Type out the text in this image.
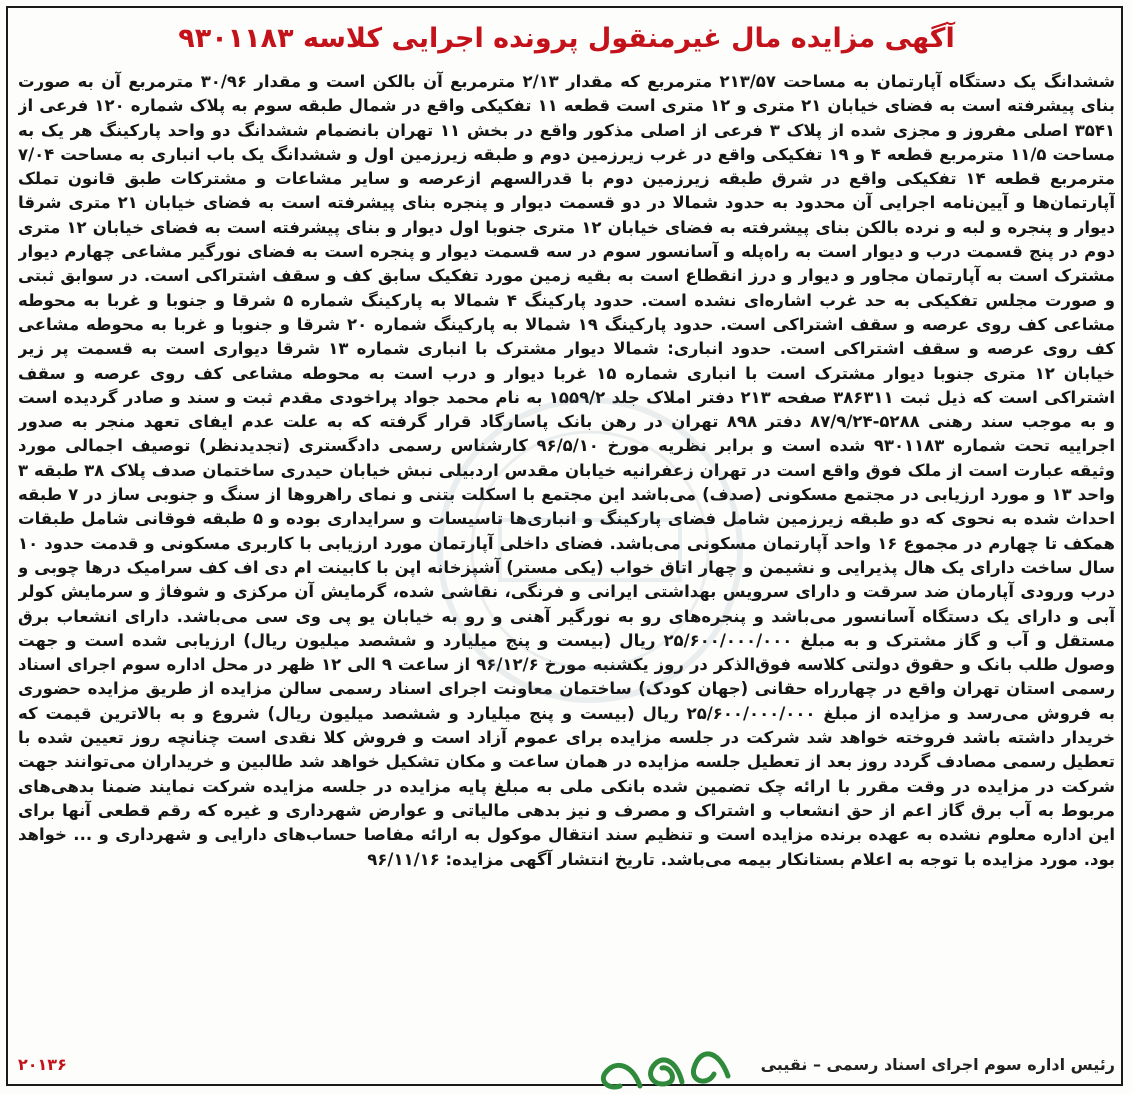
آگهی مزایده مال غیرمنقول پرونده اجرایی کلاسه ۹۳۰۱۱۸۳
ششدانگ یک دستگاه آپارتمان به مساحت ۲۱۳/۵۷ مترمربع که مقدار ۲/۱۳ مترمربع آن بالکن است و مقدار ۳۰/۹۶ مترمربع آن به صورت بنای پیشرفته است به فضای خیابان ۲۱ متری و ۱۲ متری است قطعه ۱۱ تفکیکی واقع در شمال طبقه سوم به پلاک شماره ۱۲۰ فرعی از ۳۵۴۱ اصلی مفروز و مجزی شده از پلاک ۳ فرعی از اصلی مذکور واقع در بخش ۱۱ تهران بانضمام ششدانگ دو واحد پارکینگ هر یک به مساحت ۱۱/۵ مترمربع قطعه ۴ و ۱۹ تفکیکی واقع در غرب زیرزمین دوم و طبقه زیرزمین اول و ششدانگ یک باب انباری به مساحت ۷/۰۴ مترمربع قطعه ۱۴ تفکیکی واقع در شرق طبقه زیرزمین دوم با قدرالسهم ازعرصه و سایر مشاعات و مشترکات طبق قانون تملک آپارتمان‌ها و آیین‌نامه اجرایی آن محدود به حدود شمالا در دو قسمت دیوار و پنجره بنای پیشرفته است به فضای خیابان ۲۱ متری شرقا دیوار و پنجره و لبه و نرده بالکن بنای پیشرفته به فضای خیابان ۱۲ متری جنوبا اول دیوار و بنای پیشرفته است به فضای خیابان ۱۲ متری دوم در پنج قسمت درب و دیوار است به راه‌پله و آسانسور سوم در سه قسمت دیوار و پنجره است به فضای نورگیر مشاعی چهارم دیوار مشترک است به آپارتمان مجاور و دیوار و درز انقطاع است به بقیه زمین مورد تفکیک سابق کف و سقف اشتراکی است. در سوابق ثبتی و صورت مجلس تفکیکی به حد غرب اشاره‌ای نشده است. حدود پارکینگ ۴ شمالا به پارکینگ شماره ۵ شرقا و جنوبا و غربا به محوطه مشاعی کف روی عرصه و سقف اشتراکی است. حدود پارکینگ ۱۹ شمالا به پارکینگ شماره ۲۰ شرقا و جنوبا و غربا به محوطه مشاعی کف روی عرصه و سقف اشتراکی است. حدود انباری: شمالا دیوار مشترک با انباری شماره ۱۳ شرقا دیواری است به قسمت پر زیر خیابان ۱۲ متری جنوبا دیوار مشترک است با انباری شماره ۱۵ غربا دیوار و درب است به محوطه مشاعی کف روی عرصه و سقف اشتراکی است که ذیل ثبت ۳۸۶۳۱۱ صفحه ۲۱۳ دفتر املاک جلد ۱۵۵۹/۲ به نام محمد جواد پراخودی مقدم ثبت و سند و صادر گردیده است و به موجب سند رهنی ۵۲۸۸-۸۷/۹/۲۴ دفتر ۸۹۸ تهران در رهن بانک پاسارگاد قرار گرفته که به علت عدم ایفای تعهد منجر به صدور اجراییه تحت شماره ۹۳۰۱۱۸۳ شده است و برابر نظریه مورخ ۹۶/۵/۱۰ کارشناس رسمی دادگستری (تجدیدنظر) توصیف اجمالی مورد وثیقه عبارت است از ملک فوق واقع است در تهران زعفرانیه خیابان مقدس اردبیلی نبش خیابان حیدری ساختمان صدف پلاک ۳۸ طبقه ۳ واحد ۱۳ و مورد ارزیابی در مجتمع مسکونی (صدف) می‌باشد این مجتمع با اسکلت بتنی و نمای راهروها از سنگ و جنوبی ساز در ۷ طبقه احداث شده به نحوی که دو طبقه زیرزمین شامل فضای پارکینگ و انباری‌ها تاسیسات و سرایداری بوده و ۵ طبقه فوقانی شامل طبقات همکف تا چهارم در مجموع ۱۶ واحد آپارتمان مسکونی می‌باشد. فضای داخلی آپارتمان مورد ارزیابی با کاربری مسکونی و قدمت حدود ۱۰ سال ساخت دارای یک هال پذیرایی و نشیمن و چهار اتاق خواب (یکی مستر) آشپزخانه اپن با کابینت ام دی اف کف سرامیک درها چوبی و درب ورودی آپارمان ضد سرقت و دارای سرویس بهداشتی ایرانی و فرنگی، نقاشی شده، گرمایش آن مرکزی و شوفاژ و سرمایش کولر آبی و دارای یک دستگاه آسانسور می‌باشد و پنجره‌های رو به نورگیر آهنی و رو به خیابان یو پی وی سی می‌باشد. دارای انشعاب برق مستقل و آب و گاز مشترک و به مبلغ ۲۵/۶۰۰/۰۰۰/۰۰۰ ریال (بیست و پنج میلیارد و ششصد میلیون ریال) ارزیابی شده است و جهت وصول طلب بانک و حقوق دولتی کلاسه فوق‌الذکر در روز یکشنبه مورخ ۹۶/۱۲/۶ از ساعت ۹ الی ۱۲ ظهر در محل اداره سوم اجرای اسناد رسمی استان تهران واقع در چهارراه حقانی (جهان کودک) ساختمان معاونت اجرای اسناد رسمی سالن مزایده از طریق مزایده حضوری به فروش می‌رسد و مزایده از مبلغ ۲۵/۶۰۰/۰۰۰/۰۰۰ ریال (بیست و پنج میلیارد و ششصد میلیون ریال) شروع و به بالاترین قیمت که خریدار داشته باشد فروخته خواهد شد شرکت در جلسه مزایده برای عموم آزاد است و فروش کلا نقدی است چنانچه روز تعیین شده با تعطیل رسمی مصادف گردد روز بعد از تعطیل جلسه مزایده در همان ساعت و مکان تشکیل خواهد شد طالبین و خریداران می‌توانند جهت شرکت در مزایده در وقت مقرر با ارائه چک تضمین شده بانکی ملی به مبلغ پایه مزایده در جلسه مزایده شرکت نمایند ضمنا بدهی‌های مربوط به آب برق گاز اعم از حق انشعاب و اشتراک و مصرف و نیز بدهی مالیاتی و عوارض شهرداری و غیره که رقم قطعی آنها برای این اداره معلوم نشده به عهده برنده مزایده است و تنظیم سند انتقال موکول به ارائه مفاصا حساب‌های دارایی و شهرداری و ... خواهد بود. مورد مزایده با توجه به اعلام بستانکار بیمه می‌باشد. تاریخ انتشار آگهی مزایده: ۹۶/۱۱/۱۶
رئیس اداره سوم اجرای اسناد رسمی – نقیبی
۲۰۱۳۶
